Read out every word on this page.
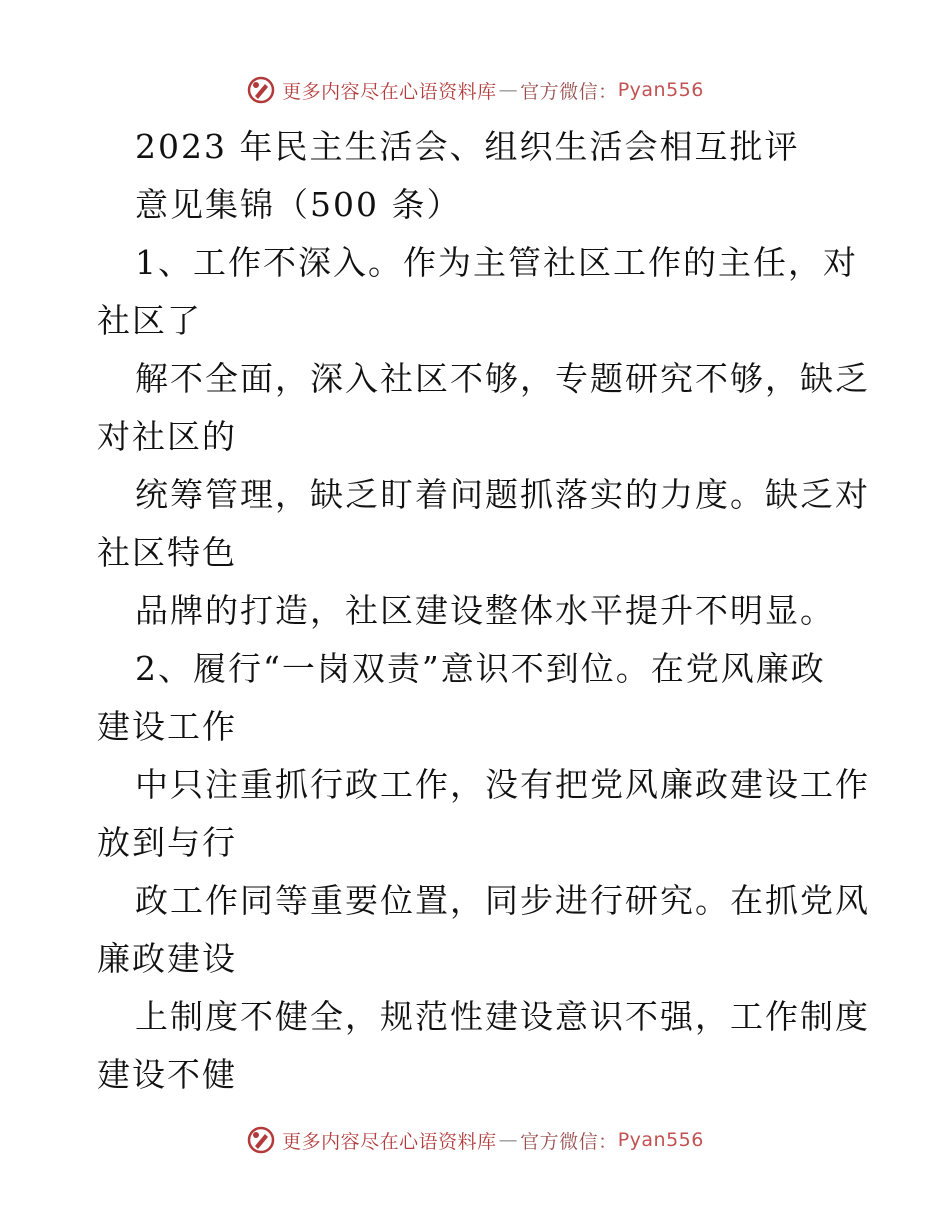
更多内容尽在心语资料库 — 官方微信： Pyan556
2023 年民主生活会、组织生活会相互批评
意见集锦（500 条）
1、工作不深入。作为主管社区工作的主任，对
社区了
解不全面，深入社区不够，专题研究不够，缺乏
对社区的
统筹管理，缺乏盯着问题抓落实的力度。缺乏对
社区特色
品牌的打造，社区建设整体水平提升不明显。
2、履行“一岗双责”意识不到位。在党风廉政
建设工作
中只注重抓行政工作，没有把党风廉政建设工作
放到与行
政工作同等重要位置，同步进行研究。在抓党风
廉政建设
上制度不健全，规范性建设意识不强，工作制度
建设不健
更多内容尽在心语资料库 — 官方微信： Pyan556
